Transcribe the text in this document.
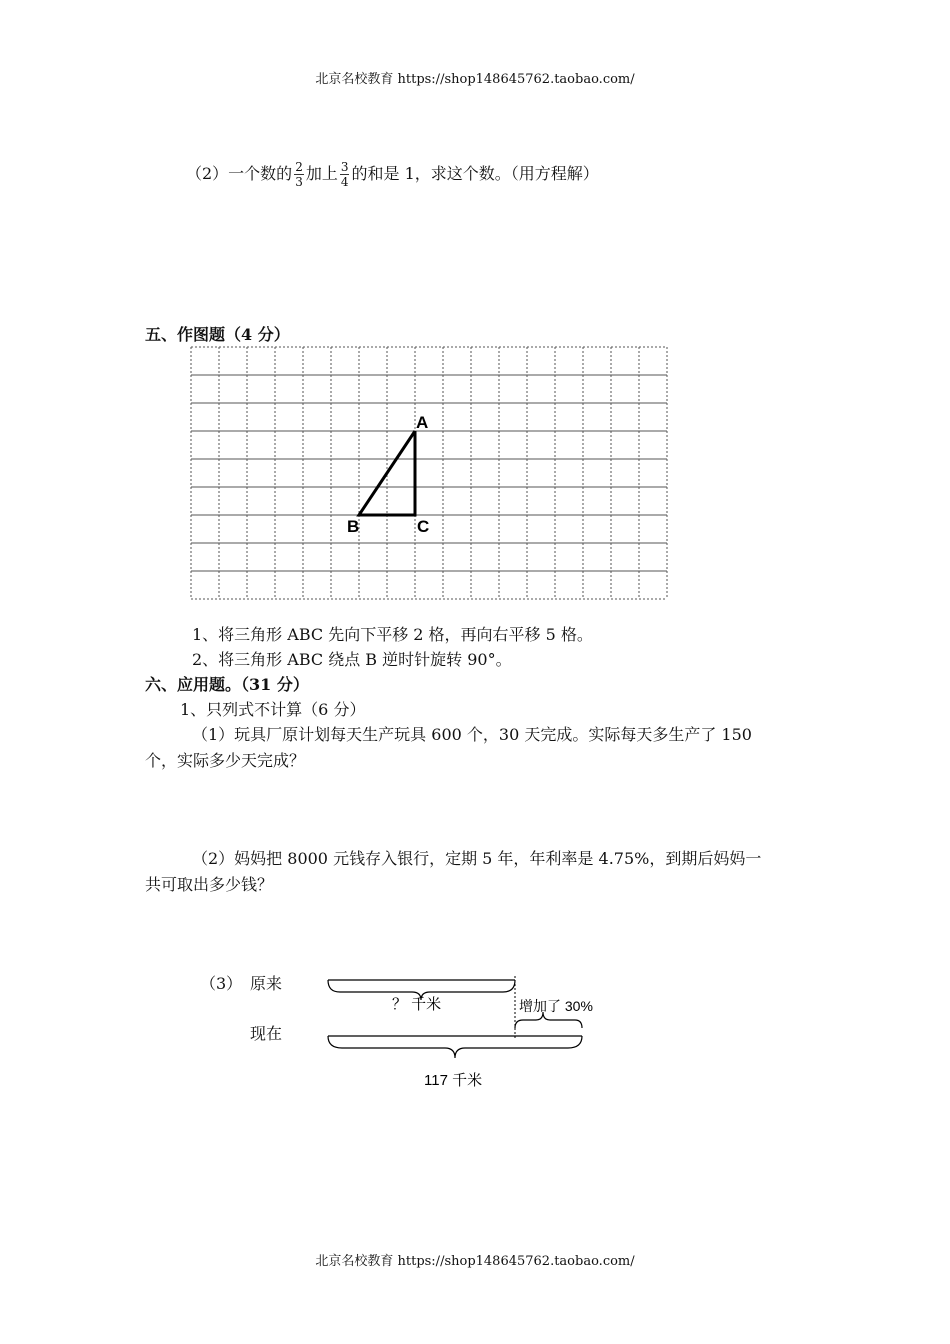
北京名校教育 https://shop148645762.taobao.com/
（2）一个数的 $\frac{2}{3}$ 加上 $\frac{3}{4}$ 的和是 1，求这个数。（用方程解）
五、作图题（4 分）
A
B	C
1、将三角形 ABC 先向下平移 2 格，再向右平移 5 格。
2、将三角形 ABC 绕点 B 逆时针旋转 90°。
六、应用题。（31 分）
1、只列式不计算（6 分）
（1）玩具厂原计划每天生产玩具 600 个，30 天完成。实际每天多生产了 150
个，实际多少天完成？
（2）妈妈把 8000 元钱存入银行，定期 5 年，年利率是 4.75%，到期后妈妈一
共可取出多少钱？
（3） 原来
现在
？ 千米	增加了 30%
117 千米
北京名校教育 https://shop148645762.taobao.com/
